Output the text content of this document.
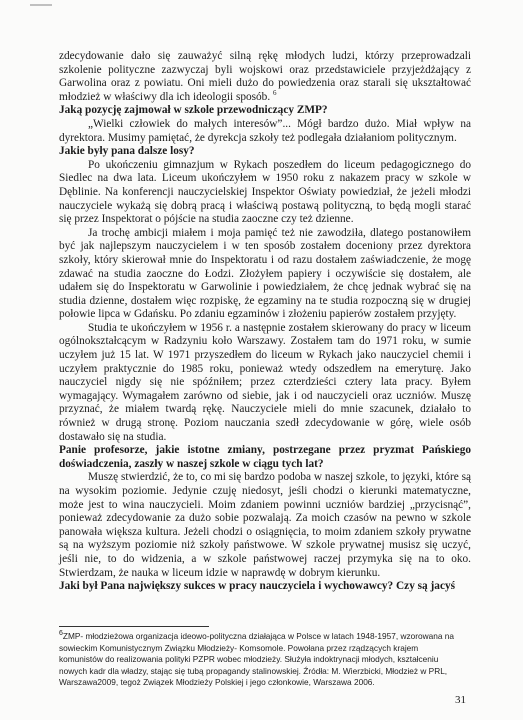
zdecydowanie dało się zauważyć silną rękę młodych ludzi, którzy przeprowadzali szkolenie polityczne zazwyczaj byli wojskowi oraz przedstawiciele przyjeżdżający z Garwolina oraz z powiatu. Oni mieli dużo do powiedzenia oraz starali się ukształtować młodzież w właściwy dla ich ideologii sposób. $^6$

Jaką pozycję zajmował w szkole przewodniczący ZMP?

„Wielki człowiek do małych interesów”... Mógł bardzo dużo. Miał wpływ na dyrektora. Musimy pamiętać, że dyrekcja szkoły też podlegała działaniom politycznym.

Jakie były pana dalsze losy?

Po ukończeniu gimnazjum w Rykach poszedłem do liceum pedagogicznego do Siedlec na dwa lata. Liceum ukończyłem w 1950 roku z nakazem pracy w szkole w Dęblinie. Na konferencji nauczycielskiej Inspektor Oświaty powiedział, że jeżeli młodzi nauczyciele wykażą się dobrą pracą i właściwą postawą polityczną, to będą mogli starać się przez Inspektorat o pójście na studia zaoczne czy też dzienne.

Ja trochę ambicji miałem i moja pamięć też nie zawodziła, dlatego postanowiłem być jak najlepszym nauczycielem i w ten sposób zostałem doceniony przez dyrektora szkoły, który skierował mnie do Inspektoratu i od razu dostałem zaświadczenie, że mogę zdawać na studia zaoczne do Łodzi. Złożyłem papiery i oczywiście się dostałem, ale udałem się do Inspektoratu w Garwolinie i powiedziałem, że chcę jednak wybrać się na studia dzienne, dostałem więc rozpiskę, że egzaminy na te studia rozpoczną się w drugiej połowie lipca w Gdańsku. Po zdaniu egzaminów i złożeniu papierów zostałem przyjęty.

Studia te ukończyłem w 1956 r. a następnie zostałem skierowany do pracy w liceum ogólnokształcącym w Radzyniu koło Warszawy. Zostałem tam do 1971 roku, w sumie uczyłem już 15 lat. W 1971 przyszedłem do liceum w Rykach jako nauczyciel chemii i uczyłem praktycznie do 1985 roku, ponieważ wtedy odszedłem na emeryturę. Jako nauczyciel nigdy się nie spóźniłem; przez czterdzieści cztery lata pracy. Byłem wymagający. Wymagałem zarówno od siebie, jak i od nauczycieli oraz uczniów. Muszę przyznać, że miałem twardą rękę. Nauczyciele mieli do mnie szacunek, działało to również w drugą stronę. Poziom nauczania szedł zdecydowanie w górę, wiele osób dostawało się na studia.

Panie profesorze, jakie istotne zmiany, postrzegane przez pryzmat Pańskiego doświadczenia, zaszły w naszej szkole w ciągu tych lat?

Muszę stwierdzić, że to, co mi się bardzo podoba w naszej szkole, to języki, które są na wysokim poziomie. Jedynie czuję niedosyt, jeśli chodzi o kierunki matematyczne, może jest to wina nauczycieli. Moim zdaniem powinni uczniów bardziej „przycisnąć”, ponieważ zdecydowanie za dużo sobie pozwalają. Za moich czasów na pewno w szkole panowała większa kultura. Jeżeli chodzi o osiągnięcia, to moim zdaniem szkoły prywatne są na wyższym poziomie niż szkoły państwowe. W szkole prywatnej musisz się uczyć, jeśli nie, to do widzenia, a w szkole państwowej raczej przymyka się na to oko. Stwierdzam, że nauka w liceum idzie w naprawdę w dobrym kierunku.

Jaki był Pana największy sukces w pracy nauczyciela i wychowawcy? Czy są jacyś

$^6$ZMP- młodzieżowa organizacja ideowo-polityczna działająca w Polsce w latach 1948-1957, wzorowana na

sowieckim Komunistycznym Związku Młodzieży- Komsomole. Powołana przez rządzących krajem

komunistów do realizowania polityki PZPR wobec młodzieży. Służyła indoktrynacji młodych, kształceniu

nowych kadr dla władzy, stając się tubą propagandy stalinowskiej. Źródła: M. Wierzbicki, Młodzież w PRL,

Warszawa2009, tegoż Związek Młodzieży Polskiej i jego członkowie, Warszawa 2006.

31
